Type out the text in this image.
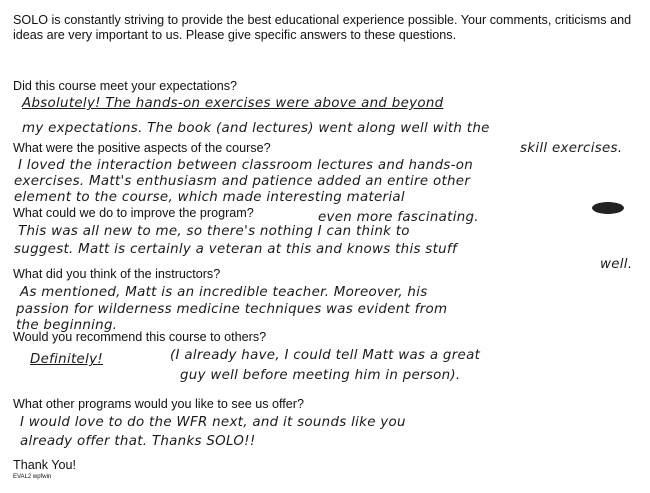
SOLO is constantly striving to provide the best educational experience possible. Your comments, criticisms and ideas are very important to us. Please give specific answers to these questions.

Did this course meet your expectations?

Absolutely! The hands-on exercises were above and beyond

my expectations. The book (and lectures) went along well with the

skill exercises.

What were the positive aspects of the course?

I loved the interaction between classroom lectures and hands-on

exercises. Matt's enthusiasm and patience added an entire other

element to the course, which made interesting material

even more fascinating.

What could we do to improve the program?

This was all new to me, so there's nothing I can think to

suggest. Matt is certainly a veteran at this and knows this stuff

well.

What did you think of the instructors?

As mentioned, Matt is an incredible teacher. Moreover, his

passion for wilderness medicine techniques was evident from

the beginning.

Would you recommend this course to others?

Definitely!	(I already have, I could tell Matt was a great

guy well before meeting him in person).

What other programs would you like to see us offer?

I would love to do the WFR next, and it sounds like you

already offer that. Thanks SOLO!!

Thank You!

EVAL2 wpfwin
